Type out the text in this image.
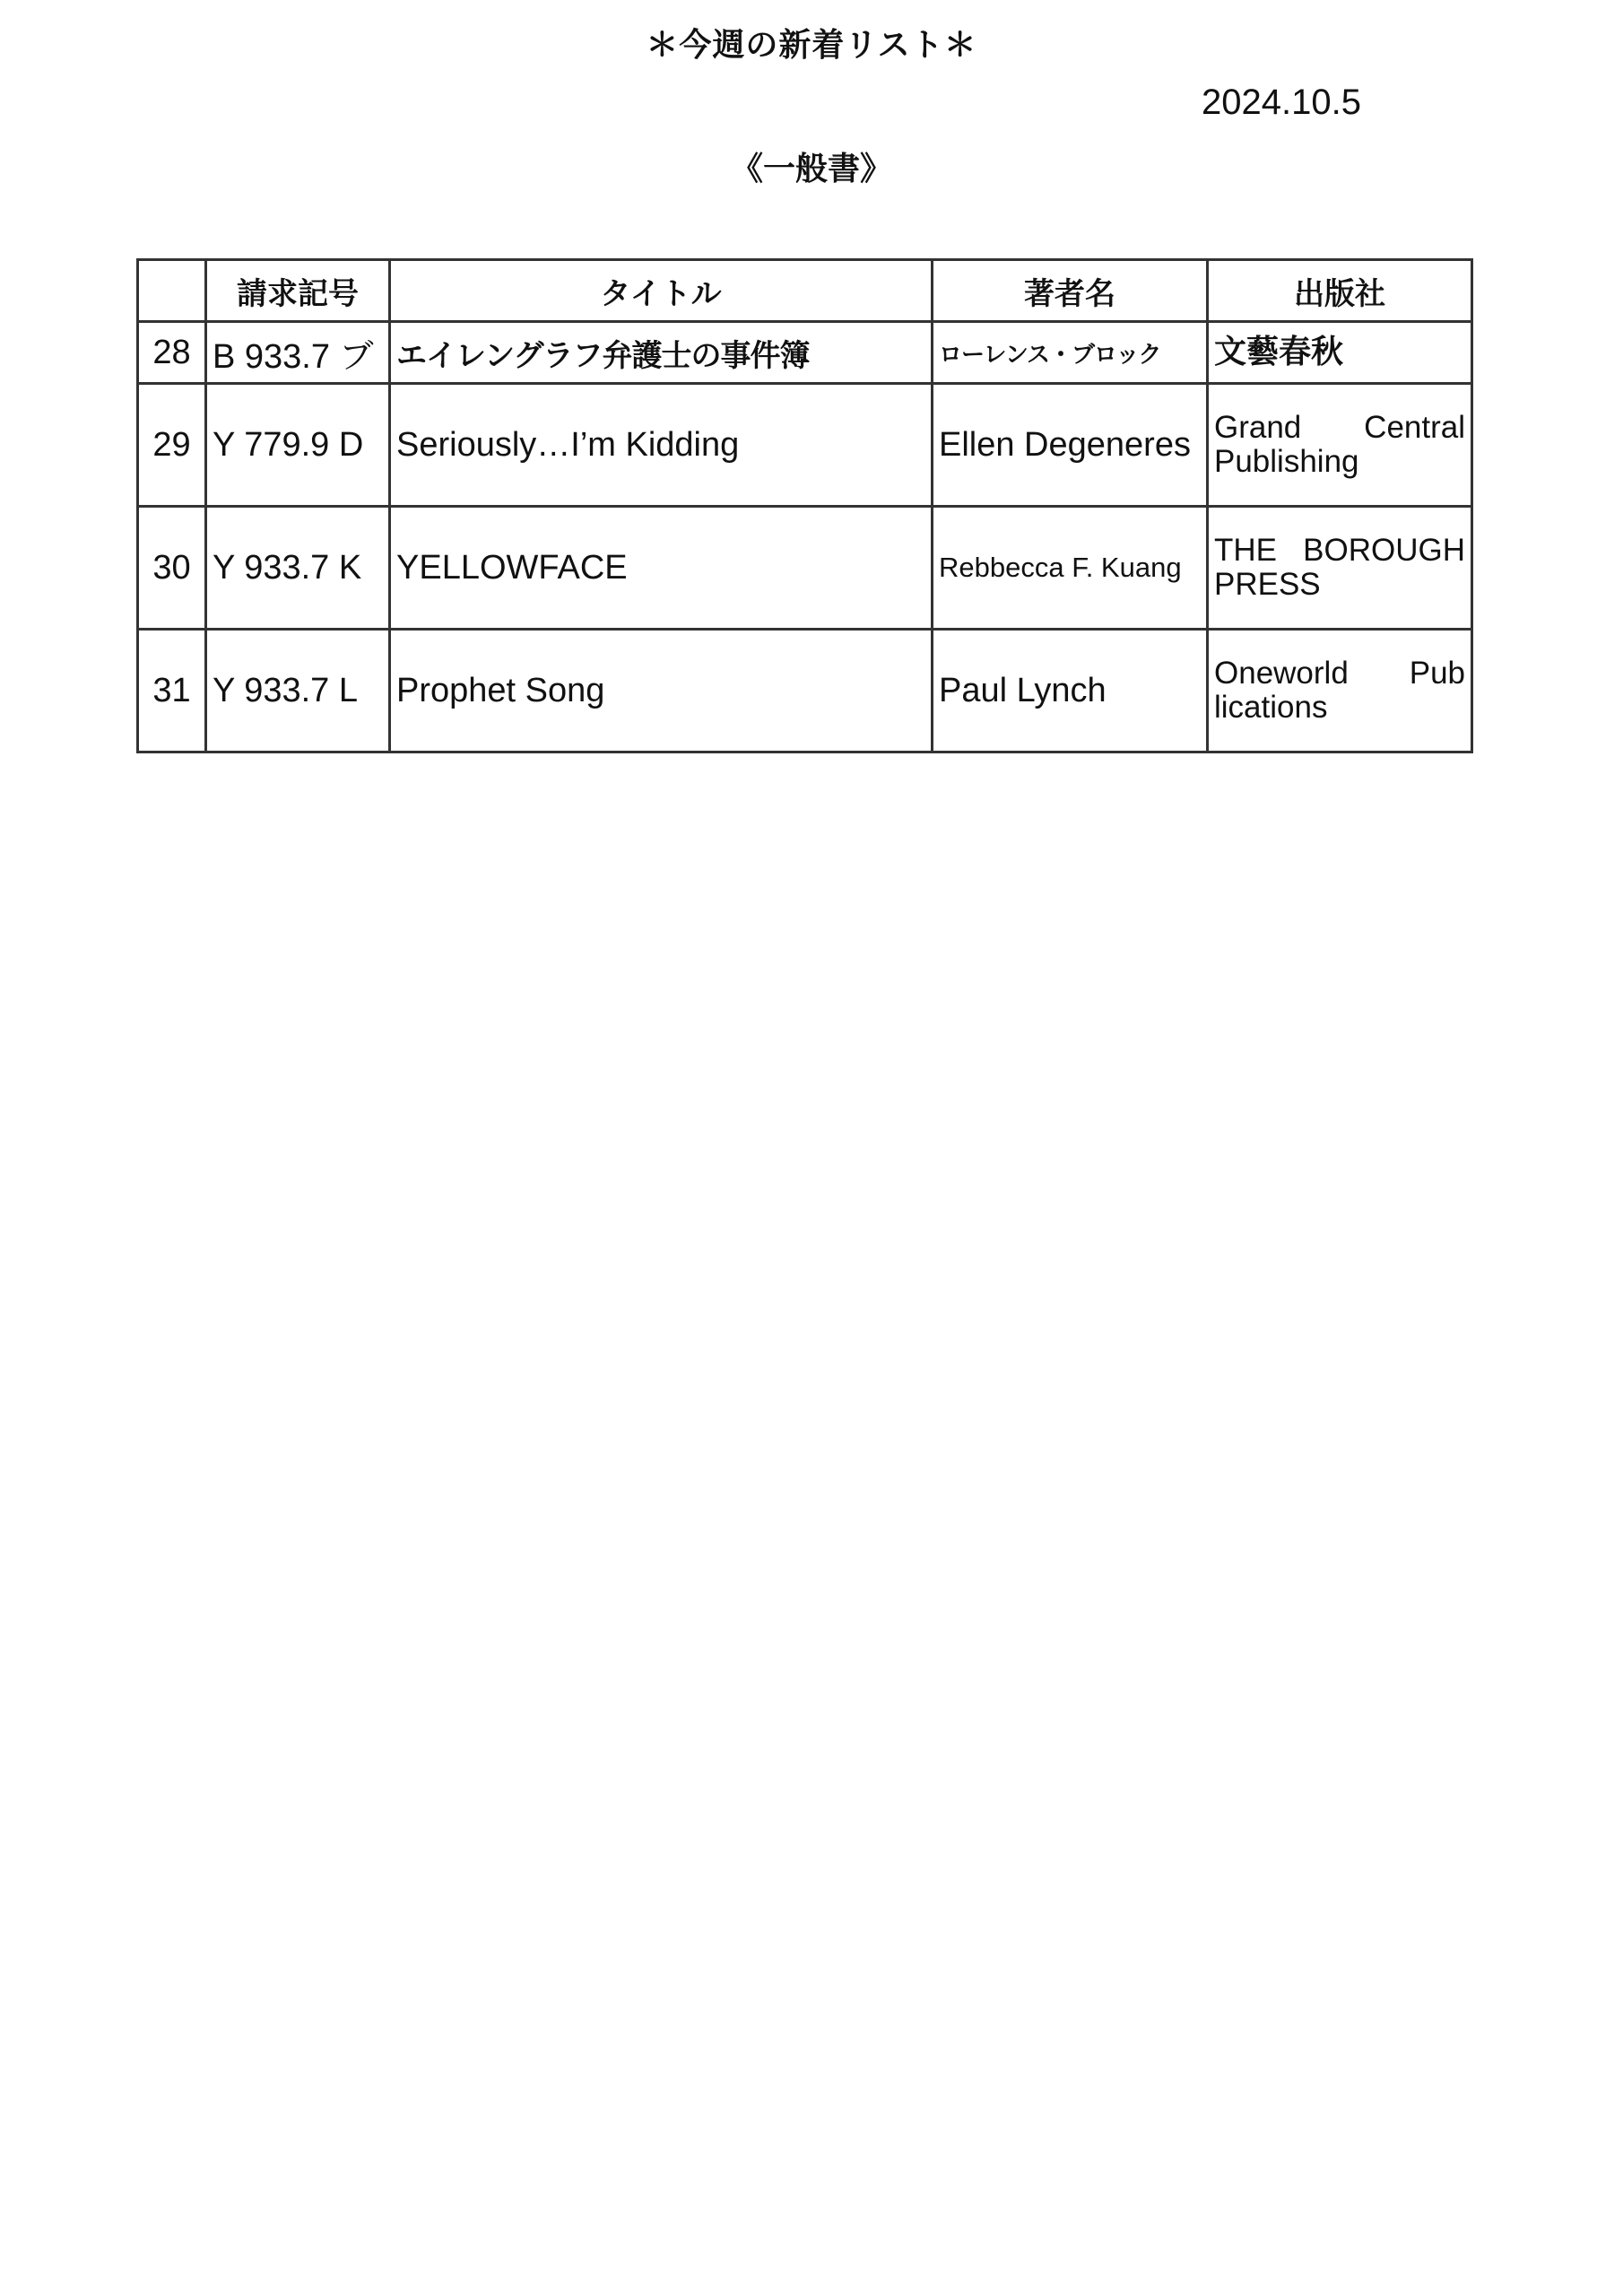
＊今週の新着リスト＊
2024.10.5
《一般書》
	請求記号	タイトル	著者名	出版社
28	B 933.7 ブ	エイレングラフ弁護士の事件簿	ローレンス・ブロック	文藝春秋

29	Y 779.9 D	Seriously…I’m Kidding	Ellen Degeneres	Grand Central
Publishing

30	Y 933.7 K	YELLOWFACE	Rebbecca F. Kuang	THE BOROUGH
PRESS

31	Y 933.7 L	Prophet Song	Paul Lynch	Oneworld Pub
lications
